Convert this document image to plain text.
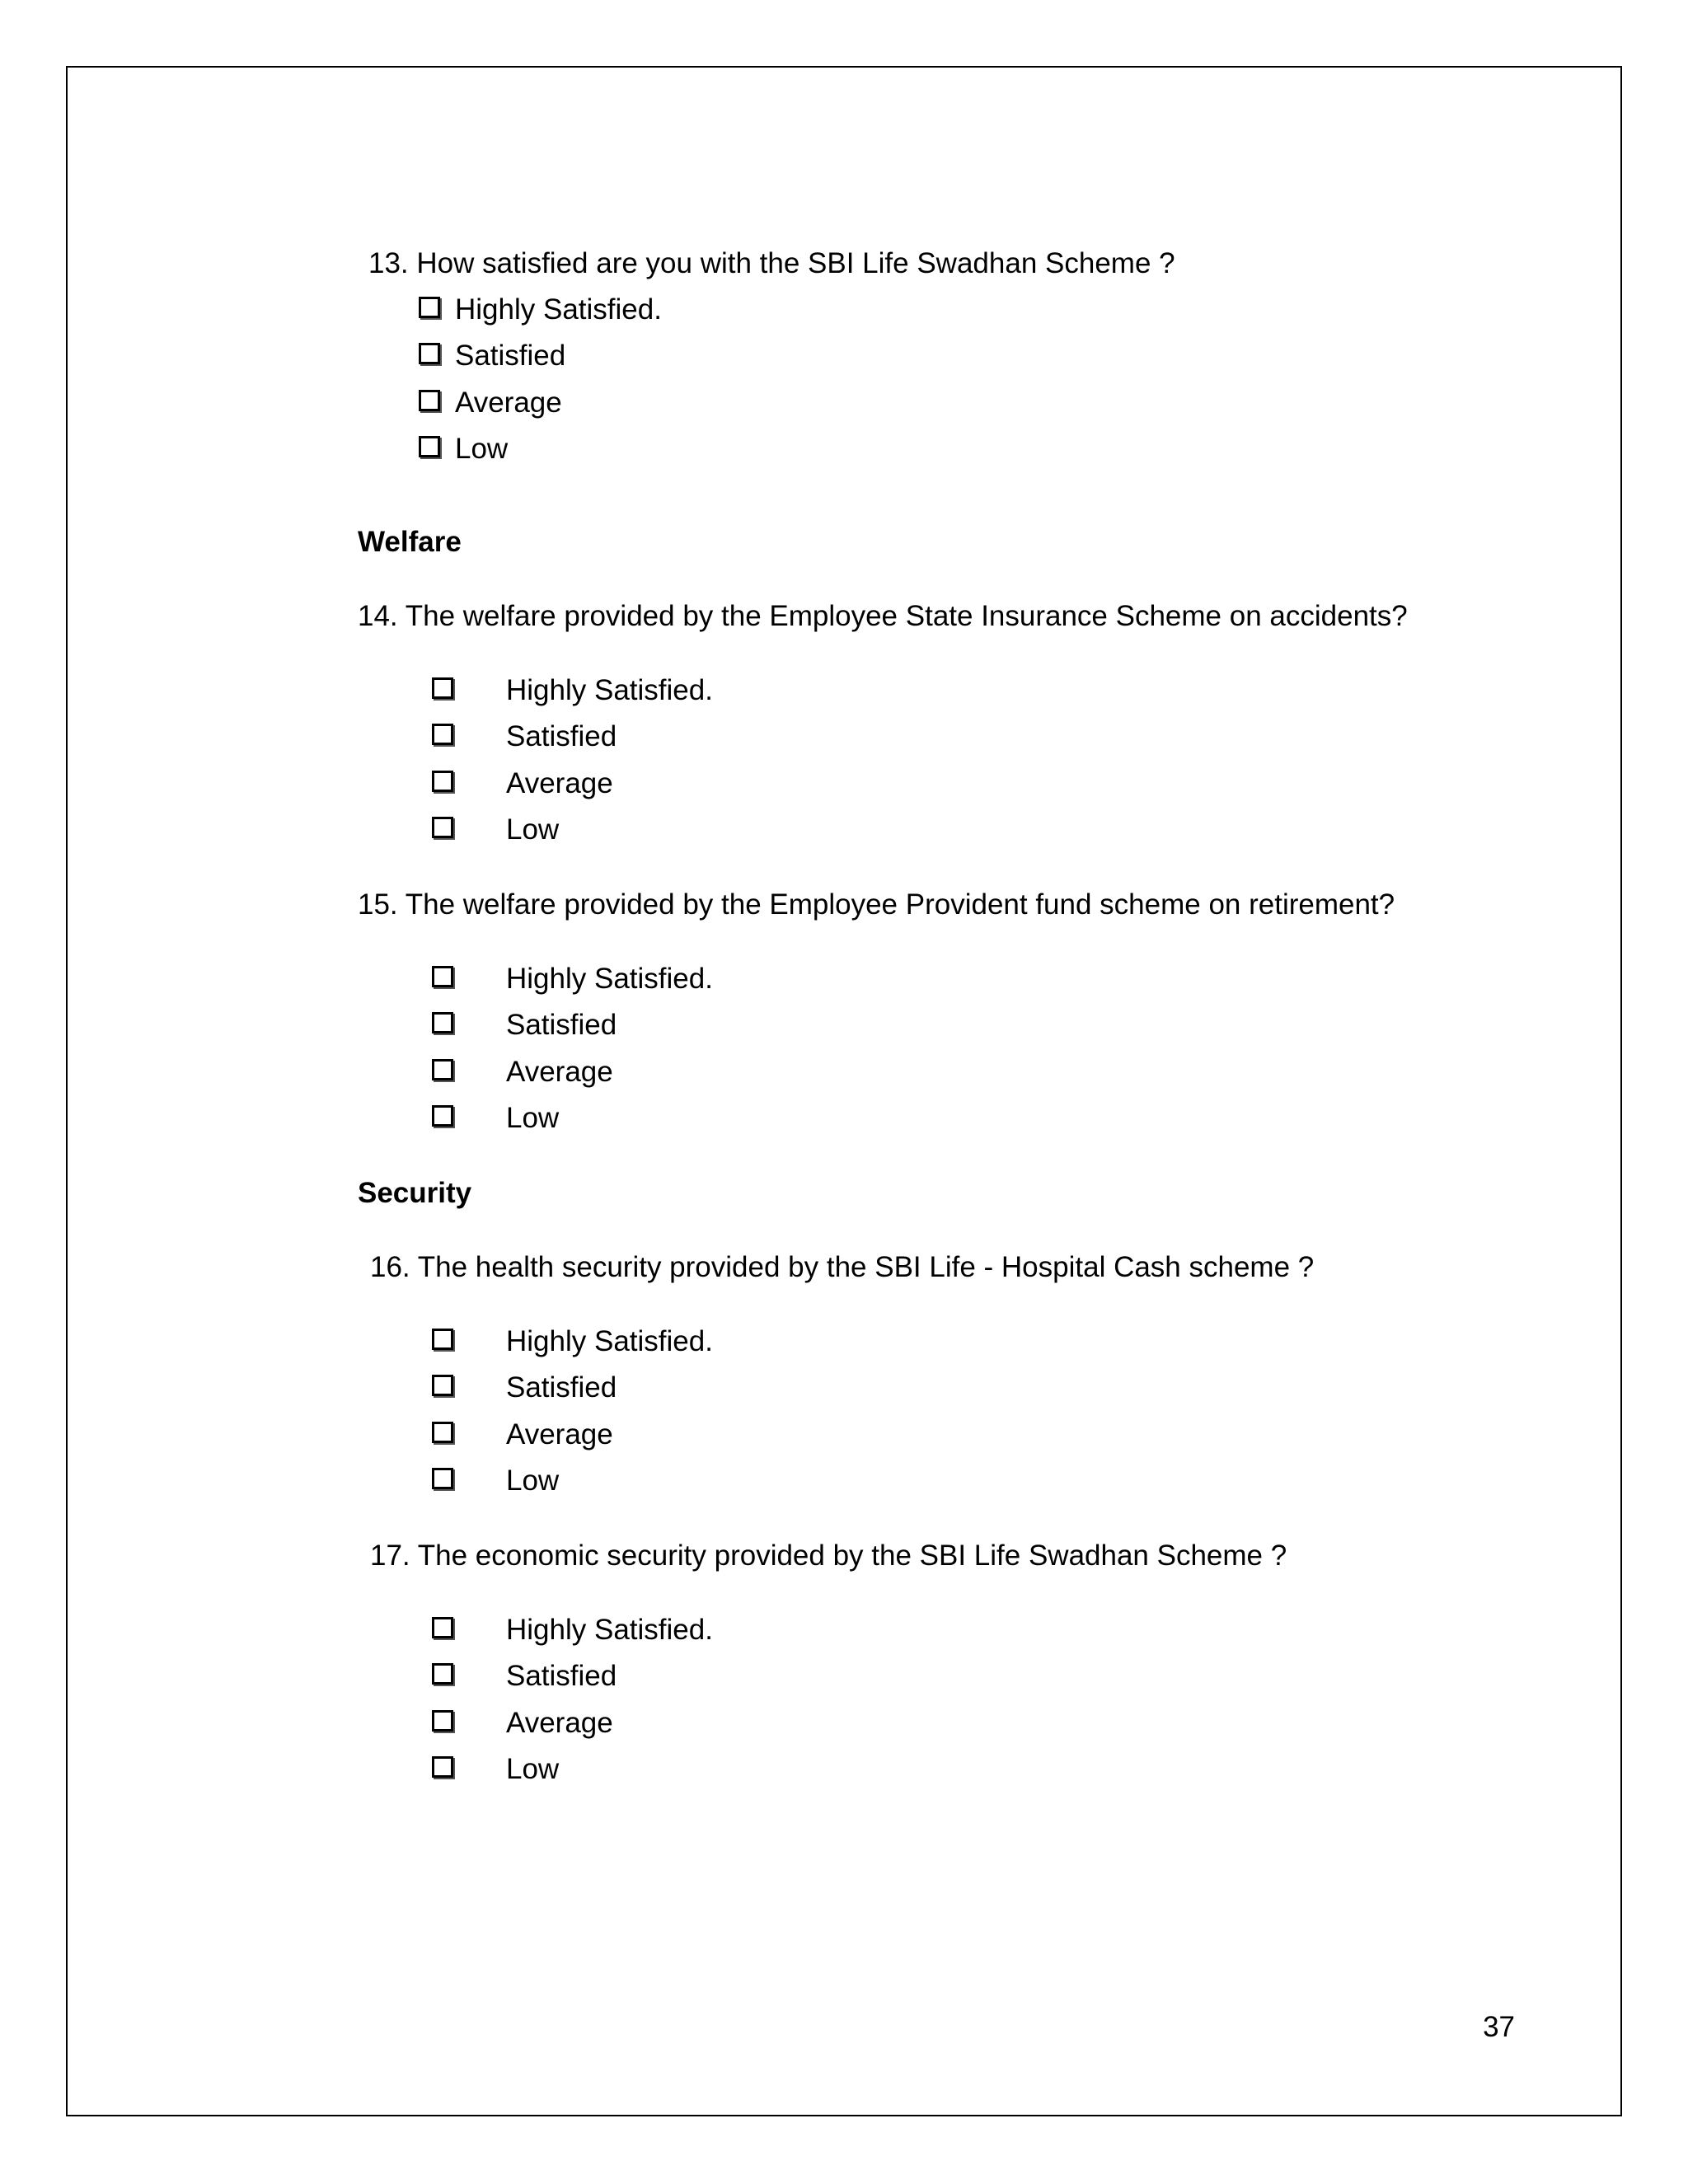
13. How satisfied are you with the SBI Life Swadhan Scheme ?
Highly Satisfied.
Satisfied
Average
Low
Welfare
14. The welfare provided by the Employee State Insurance Scheme on accidents?
Highly Satisfied.
Satisfied
Average
Low
15. The welfare provided by the Employee Provident fund scheme on retirement?
Highly Satisfied.
Satisfied
Average
Low
Security
16. The health security provided by the SBI Life - Hospital Cash scheme ?
Highly Satisfied.
Satisfied
Average
Low
17. The economic security provided by the SBI Life Swadhan Scheme ?
Highly Satisfied.
Satisfied
Average
Low
37
